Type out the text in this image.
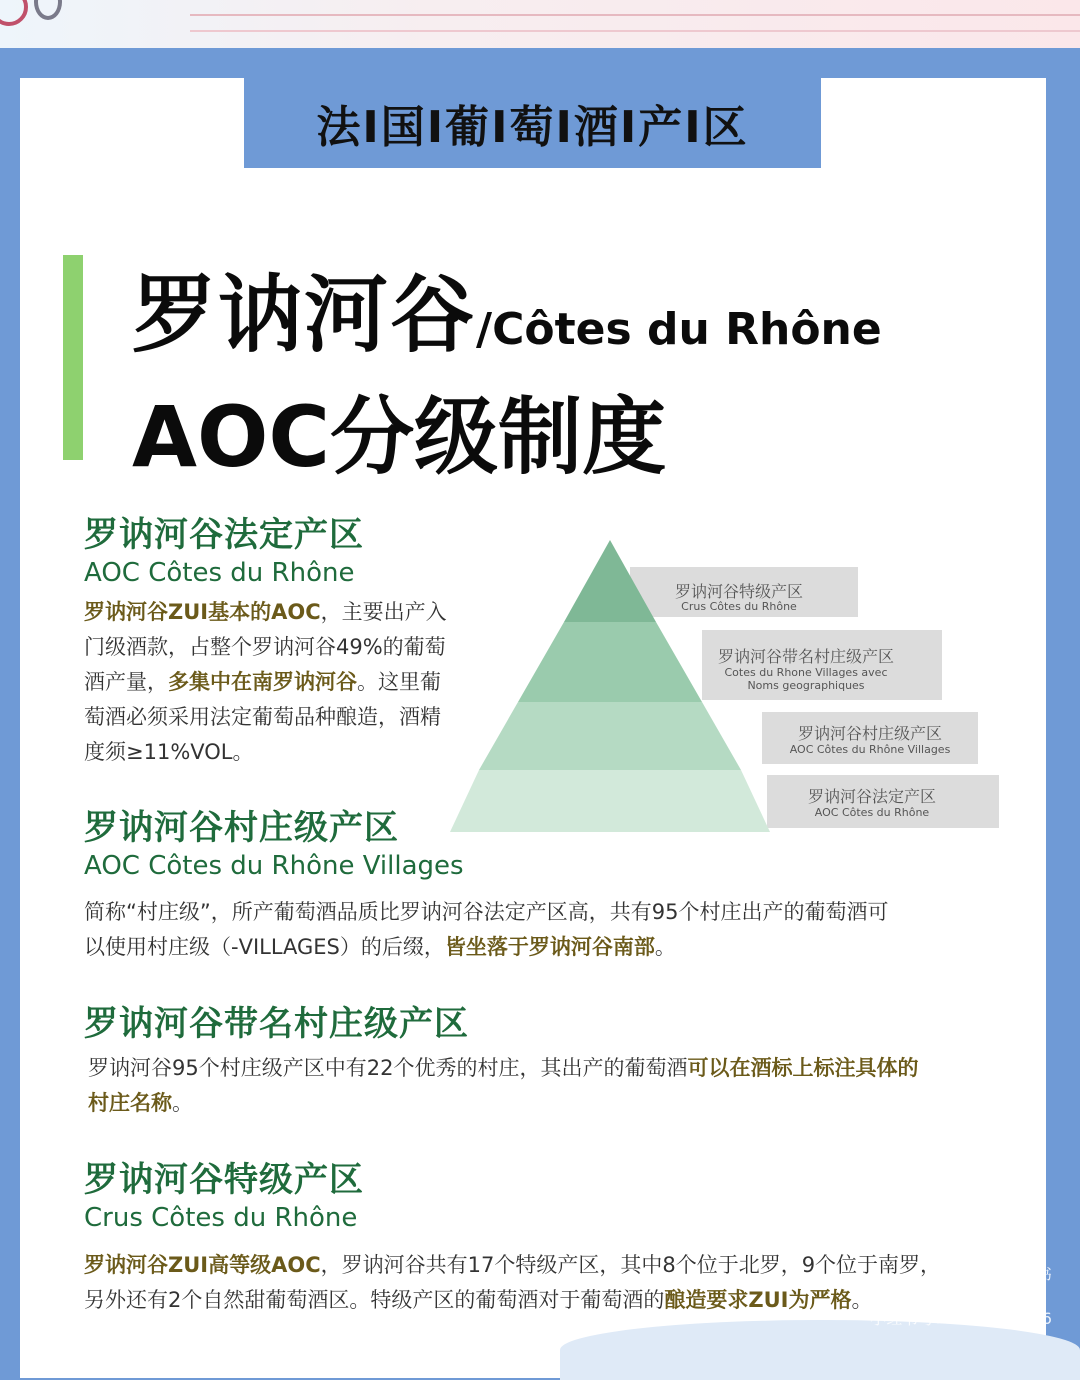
法I国I葡I萄I酒I产I区
罗讷河谷/Côtes du Rhône
AOC分级制度
罗讷河谷法定产区
AOC Côtes du Rhône
罗讷河谷ZUI基本的AOC，主要出产入
门级酒款，占整个罗讷河谷49%的葡萄
酒产量，多集中在南罗讷河谷。这里葡
萄酒必须采用法定葡萄品种酿造，酒精
度须≥11%VOL。
罗讷河谷特级产区
Crus Côtes du Rhône
罗讷河谷带名村庄级产区
Cotes du Rhone Villages avec
Noms geographiques
罗讷河谷村庄级产区
AOC Côtes du Rhône Villages
罗讷河谷法定产区
AOC Côtes du Rhône
罗讷河谷村庄级产区
AOC Côtes du Rhône Villages
简称“村庄级”，所产葡萄酒品质比罗讷河谷法定产区高，共有95个村庄出产的葡萄酒可
以使用村庄级（-VILLAGES）的后缀，皆坐落于罗讷河谷南部。
罗讷河谷带名村庄级产区
罗讷河谷95个村庄级产区中有22个优秀的村庄，其出产的葡萄酒可以在酒标上标注具体的
村庄名称。
罗讷河谷特级产区
Crus Côtes du Rhône
罗讷河谷ZUI高等级AOC，罗讷河谷共有17个特级产区，其中8个位于北罗，9个位于南罗，
另外还有2个自然甜葡萄酒区。特级产区的葡萄酒对于葡萄酒的酿造要求ZUI为严格。
小红书
小红书号：4244813966
